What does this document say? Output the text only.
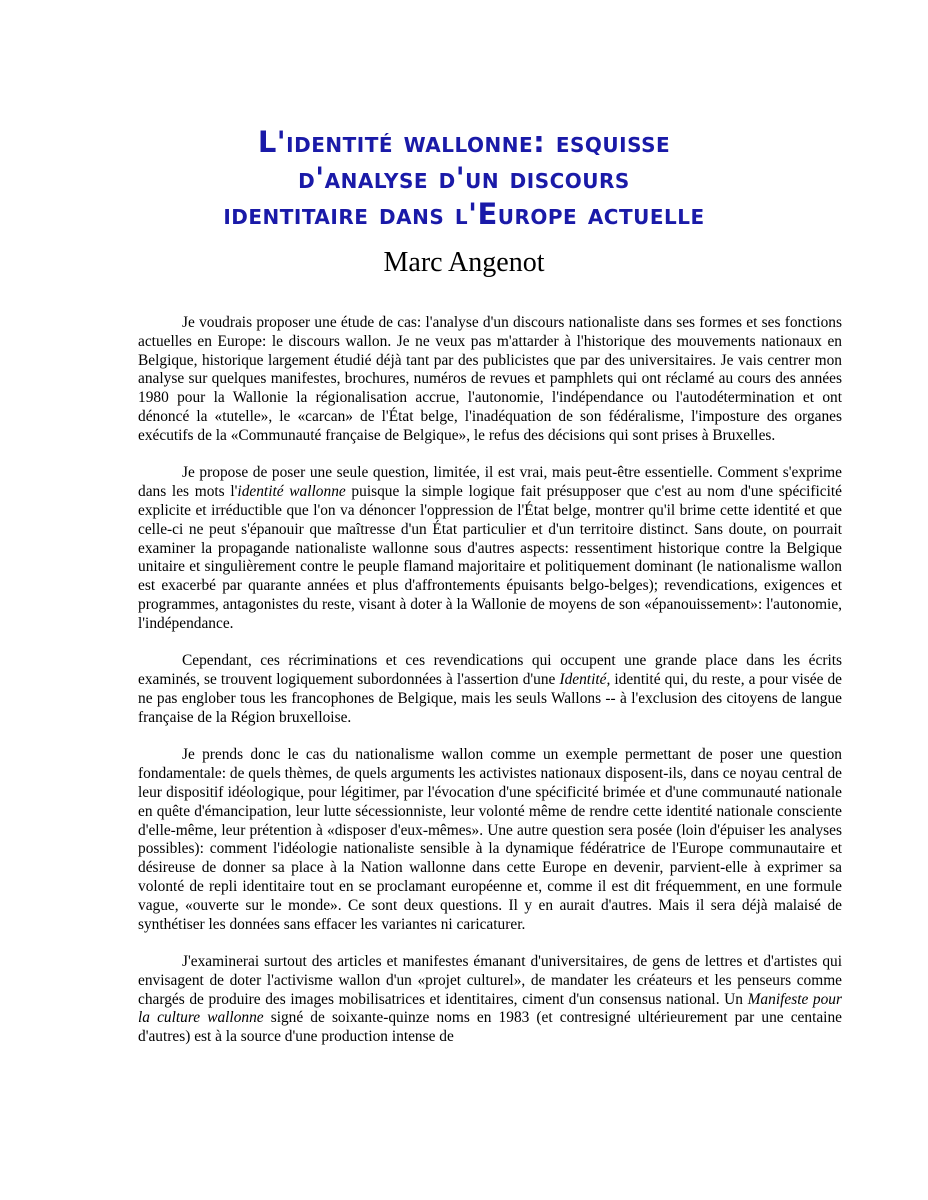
L'identité wallonne: esquisse
d'analyse d'un discours
identitaire dans l'Europe actuelle
Marc Angenot

Je voudrais proposer une étude de cas: l'analyse d'un discours nationaliste dans ses formes et ses fonctions actuelles en Europe: le discours wallon. Je ne veux pas m'attarder à l'historique des mouvements nationaux en Belgique, historique largement étudié déjà tant par des publicistes que par des universitaires. Je vais centrer mon analyse sur quelques manifestes, brochures, numéros de revues et pamphlets qui ont réclamé au cours des années 1980 pour la Wallonie la régionalisation accrue, l'autonomie, l'indépendance ou l'autodétermination et ont dénoncé la «tutelle», le «carcan» de l'État belge, l'inadéquation de son fédéralisme, l'imposture des organes exécutifs de la «Communauté française de Belgique», le refus des décisions qui sont prises à Bruxelles.

Je propose de poser une seule question, limitée, il est vrai, mais peut-être essentielle. Comment s'exprime dans les mots l'identité wallonne puisque la simple logique fait présupposer que c'est au nom d'une spécificité explicite et irréductible que l'on va dénoncer l'oppression de l'État belge, montrer qu'il brime cette identité et que celle-ci ne peut s'épanouir que maîtresse d'un État particulier et d'un territoire distinct. Sans doute, on pourrait examiner la propagande nationaliste wallonne sous d'autres aspects: ressentiment historique contre la Belgique unitaire et singulièrement contre le peuple flamand majoritaire et politiquement dominant (le nationalisme wallon est exacerbé par quarante années et plus d'affrontements épuisants belgo-belges); revendications, exigences et programmes, antagonistes du reste, visant à doter à la Wallonie de moyens de son «épanouissement»: l'autonomie, l'indépendance.

Cependant, ces récriminations et ces revendications qui occupent une grande place dans les écrits examinés, se trouvent logiquement subordonnées à l'assertion d'une Identité, identité qui, du reste, a pour visée de ne pas englober tous les francophones de Belgique, mais les seuls Wallons -- à l'exclusion des citoyens de langue française de la Région bruxelloise.

Je prends donc le cas du nationalisme wallon comme un exemple permettant de poser une question fondamentale: de quels thèmes, de quels arguments les activistes nationaux disposent-ils, dans ce noyau central de leur dispositif idéologique, pour légitimer, par l'évocation d'une spécificité brimée et d'une communauté nationale en quête d'émancipation, leur lutte sécessionniste, leur volonté même de rendre cette identité nationale consciente d'elle-même, leur prétention à «disposer d'eux-mêmes». Une autre question sera posée (loin d'épuiser les analyses possibles): comment l'idéologie nationaliste sensible à la dynamique fédératrice de l'Europe communautaire et désireuse de donner sa place à la Nation wallonne dans cette Europe en devenir, parvient-elle à exprimer sa volonté de repli identitaire tout en se proclamant européenne et, comme il est dit fréquemment, en une formule vague, «ouverte sur le monde». Ce sont deux questions. Il y en aurait d'autres. Mais il sera déjà malaisé de synthétiser les données sans effacer les variantes ni caricaturer.

J'examinerai surtout des articles et manifestes émanant d'universitaires, de gens de lettres et d'artistes qui envisagent de doter l'activisme wallon d'un «projet culturel», de mandater les créateurs et les penseurs comme chargés de produire des images mobilisatrices et identitaires, ciment d'un consensus national. Un Manifeste pour la culture wallonne signé de soixante-quinze noms en 1983 (et contresigné ultérieurement par une centaine d'autres) est à la source d'une production intense de
